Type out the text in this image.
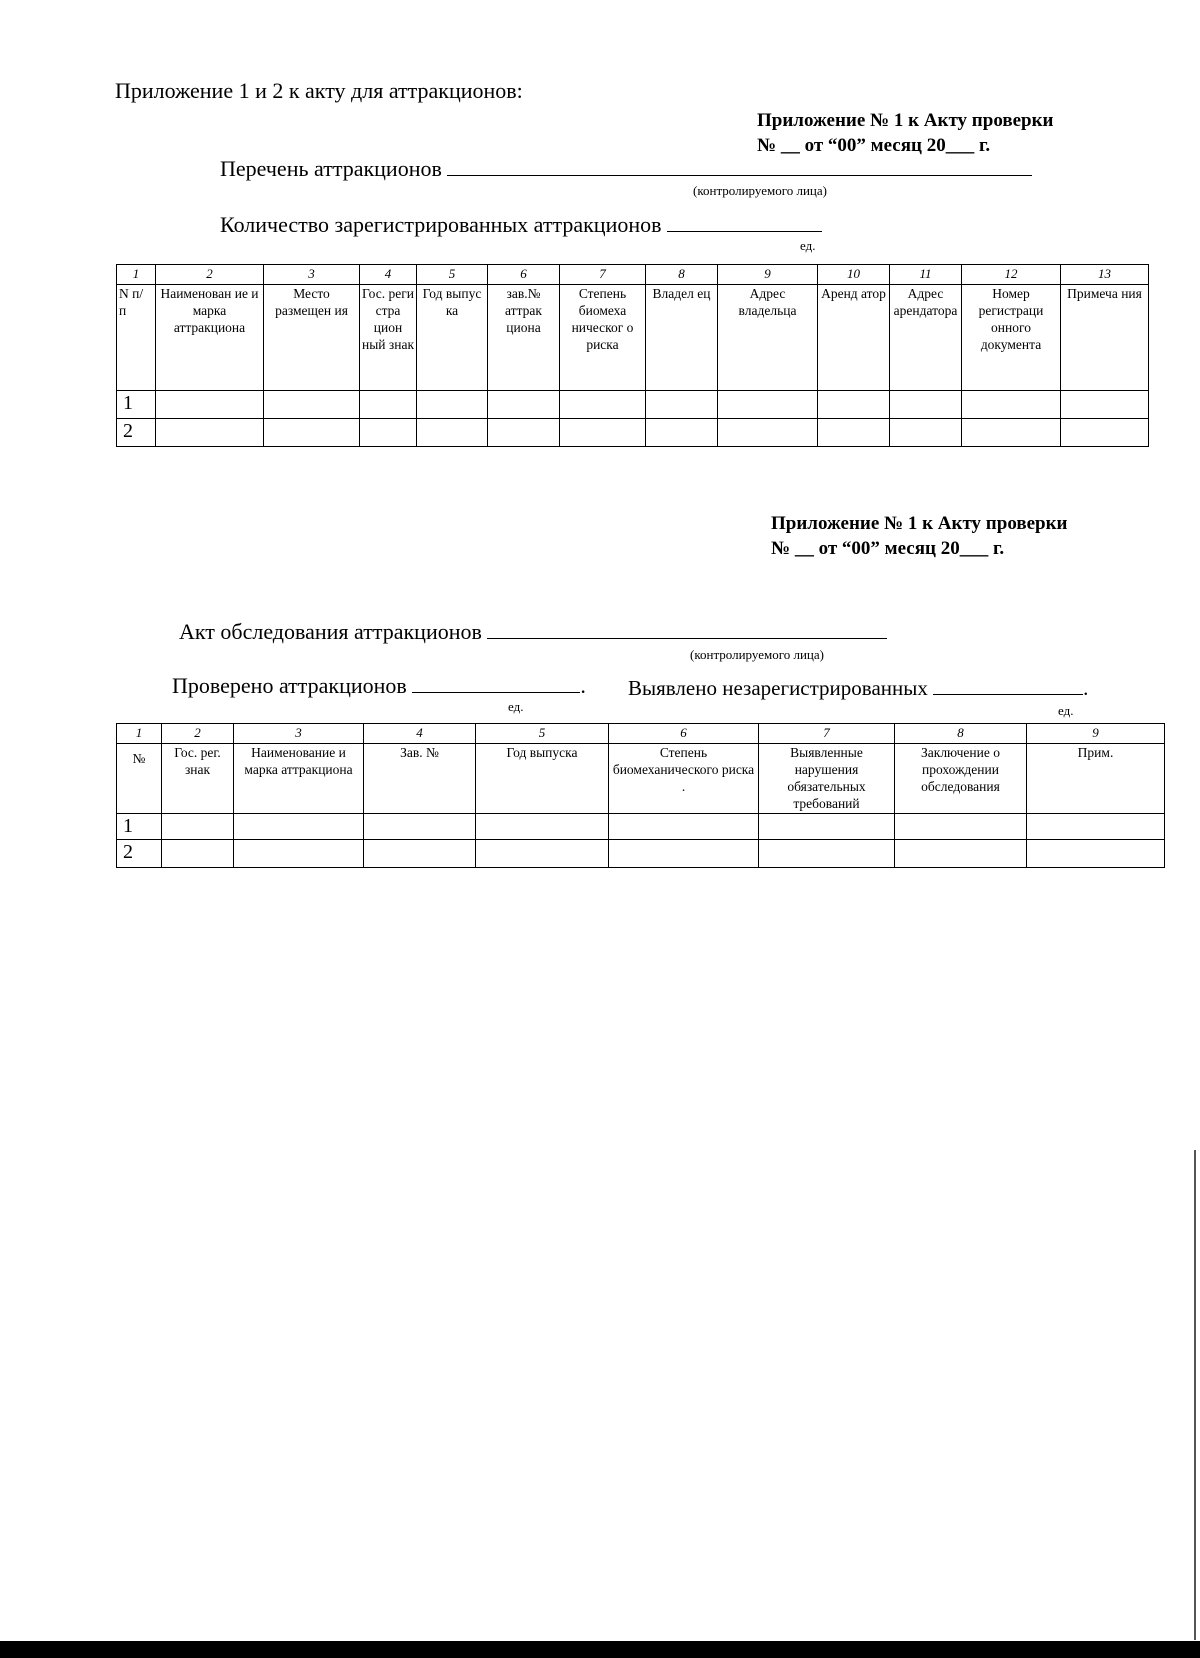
Приложение 1 и 2 к акту для аттракционов:
Приложение № 1 к Акту проверки
№ __ от “00” месяц 20___ г.
Перечень аттракционов
(контролируемого лица)
Количество зарегистрированных аттракционов
ед.
1	2	3	4	5	6	7	8	9	10	11	12	13
N п/ п	Наименован ие и марка аттракциона	Место размещен ия	Гос. реги стра цион ный знак	Год выпус ка	зав.№ аттрак циона	Степень биомеха ническог о риска	Владел ец	Адрес владельца	Аренд атор	Адрес арендатора	Номер регистраци онного документа	Примеча ния
1												
2												
Приложение № 1 к Акту проверки
№ __ от “00” месяц 20___ г.
Акт обследования аттракционов
(контролируемого лица)
Проверено аттракционов	.
ед.
Выявлено незарегистрированных	.
ед.
1	2	3	4	5	6	7	8	9
№	Гос. рег. знак	Наименование и марка аттракциона	Зав. №	Год выпуска	Степень биомеханического риска .	Выявленные нарушения обязательных требований	Заключение о прохождении обследования	Прим.
1								
2								
